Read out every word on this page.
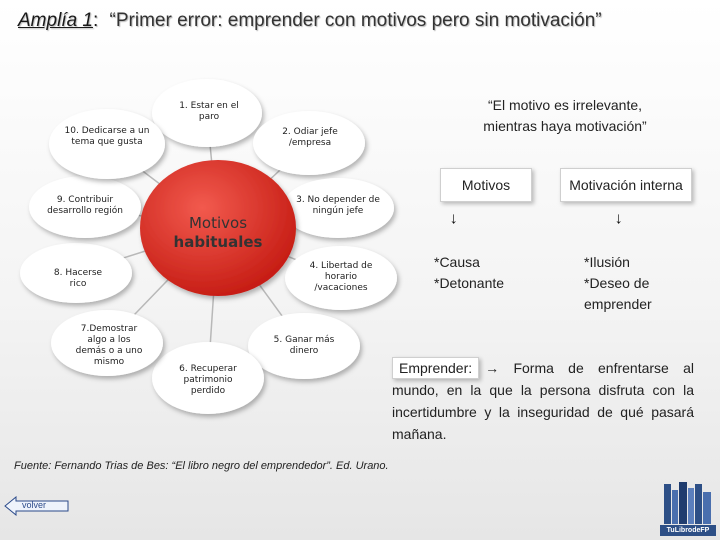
Amplía 1: “Primer error: emprender con motivos pero sin motivación”
Motivos
habituales
1. Estar en el paro
2. Odiar jefe /empresa
3. No depender de ningún jefe
4. Libertad de horario /vacaciones
5. Ganar más dinero
6. Recuperar patrimonio perdido
7.Demostrar algo a los demás o a uno mismo
8. Hacerse rico
9. Contribuir desarrollo región
10. Dedicarse a un tema que gusta
“El motivo es irrelevante,
mientras haya motivación”
Motivos	Motivación interna
→	→
*Causa
*Detonante
*Ilusión
*Deseo de
emprender
Emprender: → Forma de enfrentarse al mundo, en la que la persona disfruta con la incertidumbre y la inseguridad de qué pasará mañana.
Fuente: Fernando Trias de Bes: “El libro negro del emprendedor”. Ed. Urano.
volver
TuLibrodeFP
